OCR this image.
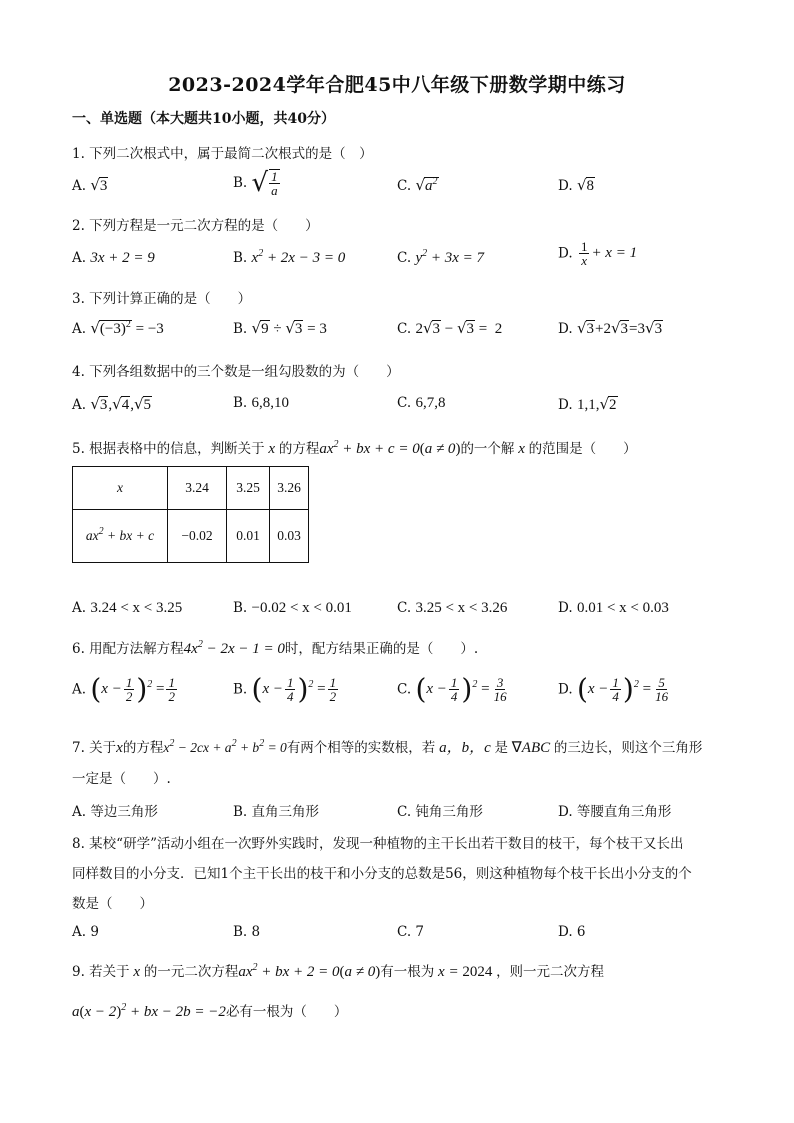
2023-2024学年合肥45中八年级下册数学期中练习
一、单选题（本大题共10小题，共40分）
1. 下列二次根式中，属于最简二次根式的是（　）
A. √3	B. √ $\frac{1}{a}$	C. $√a^2$	D. √8
2. 下列方程是一元二次方程的是（　　）
A. 3x + 2 = 9	B. $x^2 + 2x - 3 = 0$	C. $y^2 + 3x = 7$	D. $\frac{1}{x} + x = 1$
3. 下列计算正确的是（　　）
A. $√(-3)^2 = -3$	B. √9 ÷ √3 = 3	C. 2√3 − √3 =  2	D. √3+2√3=3√3
4. 下列各组数据中的三个数是一组勾股数的为（　　）
A. √3,√4,√5	B. 6,8,10	C. 6,7,8	D. 1,1,√2
5. 根据表格中的信息，判断关于 x 的方程$ax^2$ + bx + c = 0(a ≠ 0)的一个解 x 的范围是（　　）
x	3.24	3.25	3.26
$ax^2$ + bx + c	−0.02	0.01	0.03
A. 3.24 < x < 3.25	B. −0.02 < x < 0.01	C. 3.25 < x < 3.26	D. 0.01 < x < 0.03
6. 用配方法解方程$4x^2 - 2x - 1 = 0$时，配方结果正确的是（　　）.
A. $(x - \frac{1}{2} )^2 = \frac{1}{2}$	B. $(x - \frac{1}{4} )^2 = \frac{1}{2}$	C. $(x - \frac{1}{4} )^2 = \frac{3}{16}$	D. $(x - \frac{1}{4} )^2 = \frac{5}{16}$
7. 关于x的方程$x^2 - 2cx + a^2 + b^2 = 0$有两个相等的实数根，若 a，b，c 是 ∇ABC 的三边长，则这个三角形
一定是（　　）.
A. 等边三角形	B. 直角三角形	C. 钝角三角形	D. 等腰直角三角形
8. 某校“研学”活动小组在一次野外实践时，发现一种植物的主干长出若干数目的枝干，每个枝干又长出
同样数目的小分支．已知1个主干长出的枝干和小分支的总数是56，则这种植物每个枝干长出小分支的个
数是（　　）
A. 9	B. 8	C. 7	D. 6
9. 若关于 x 的一元二次方程$ax^2$ + bx + 2 = 0(a ≠ 0)有一根为 x = 2024 ，则一元二次方程
$a(x - 2)^2$ + bx − 2b = −2必有一根为（　　）
